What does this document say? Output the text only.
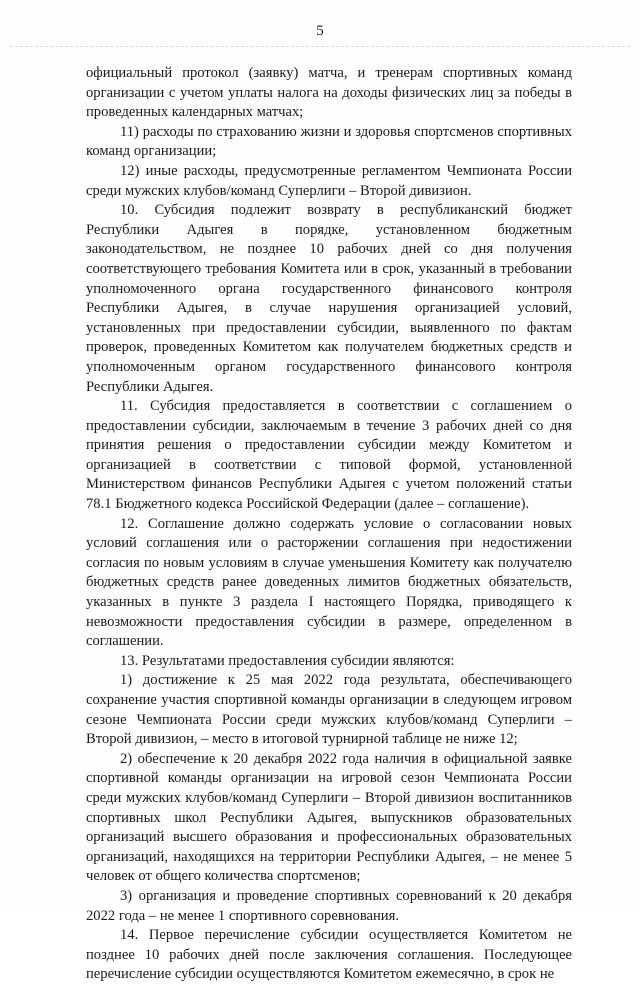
5

официальный протокол (заявку) матча, и тренерам спортивных команд организации с учетом уплаты налога на доходы физических лиц за победы в проведенных календарных матчах;

11) расходы по страхованию жизни и здоровья спортсменов спортивных команд организации;

12) иные расходы, предусмотренные регламентом Чемпионата России среди мужских клубов/команд Суперлиги – Второй дивизион.

10. Субсидия подлежит возврату в республиканский бюджет Республики Адыгея в порядке, установленном бюджетным законодательством, не позднее 10 рабочих дней со дня получения соответствующего требования Комитета или в срок, указанный в требовании уполномоченного органа государственного финансового контроля Республики Адыгея, в случае нарушения организацией условий, установленных при предоставлении субсидии, выявленного по фактам проверок, проведенных Комитетом как получателем бюджетных средств и уполномоченным органом государственного финансового контроля Республики Адыгея.

11. Субсидия предоставляется в соответствии с соглашением о предоставлении субсидии, заключаемым в течение 3 рабочих дней со дня принятия решения о предоставлении субсидии между Комитетом и организацией в соответствии с типовой формой, установленной Министерством финансов Республики Адыгея с учетом положений статьи 78.1 Бюджетного кодекса Российской Федерации (далее – соглашение).

12. Соглашение должно содержать условие о согласовании новых условий соглашения или о расторжении соглашения при недостижении согласия по новым условиям в случае уменьшения Комитету как получателю бюджетных средств ранее доведенных лимитов бюджетных обязательств, указанных в пункте 3 раздела I настоящего Порядка, приводящего к невозможности предоставления субсидии в размере, определенном в соглашении.

13. Результатами предоставления субсидии являются:

1) достижение к 25 мая 2022 года результата, обеспечивающего сохранение участия спортивной команды организации в следующем игровом сезоне Чемпионата России среди мужских клубов/команд Суперлиги – Второй дивизион, – место в итоговой турнирной таблице не ниже 12;

2) обеспечение к 20 декабря 2022 года наличия в официальной заявке спортивной команды организации на игровой сезон Чемпионата России среди мужских клубов/команд Суперлиги – Второй дивизион воспитанников спортивных школ Республики Адыгея, выпускников образовательных организаций высшего образования и профессиональных образовательных организаций, находящихся на территории Республики Адыгея, – не менее 5 человек от общего количества спортсменов;

3) организация и проведение спортивных соревнований к 20 декабря 2022 года – не менее 1 спортивного соревнования.

14. Первое перечисление субсидии осуществляется Комитетом не позднее 10 рабочих дней после заключения соглашения. Последующее перечисление субсидии осуществляются Комитетом ежемесячно, в срок не
